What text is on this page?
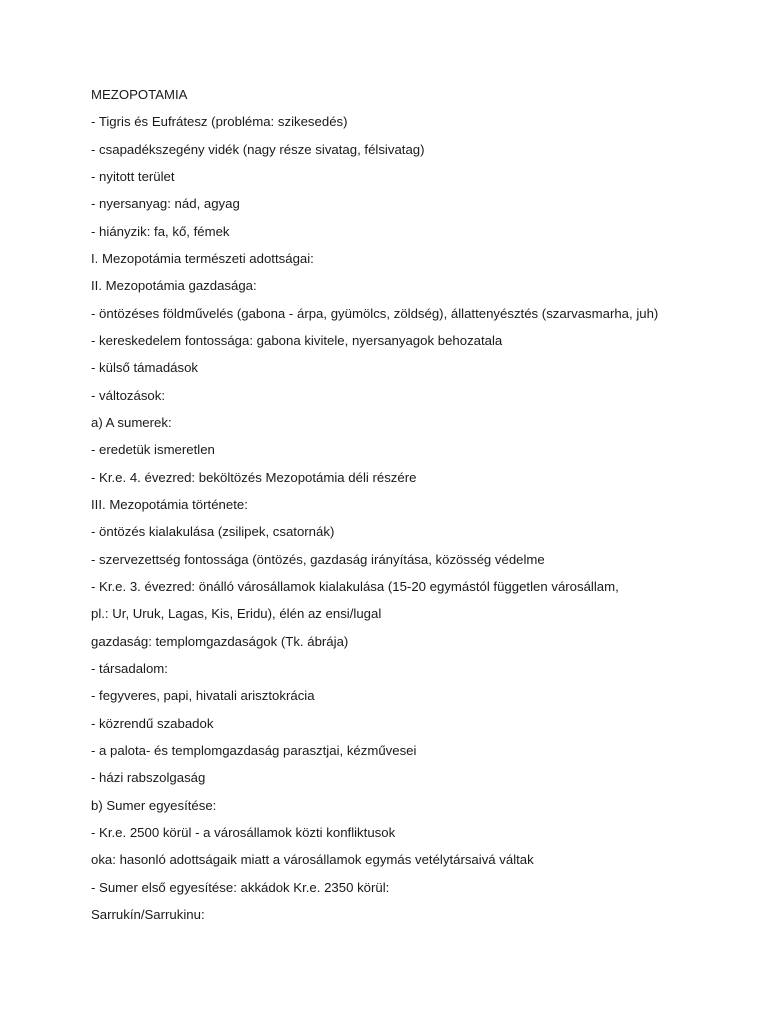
MEZOPOTAMIA

- Tigris és Eufrátesz (probléma: szikesedés)

- csapadékszegény vidék (nagy része sivatag, félsivatag)

- nyitott terület

- nyersanyag: nád, agyag

- hiányzik: fa, kő, fémek

I. Mezopotámia természeti adottságai:

II. Mezopotámia gazdasága:

- öntözéses földművelés (gabona - árpa, gyümölcs, zöldség), állattenyésztés (szarvasmarha, juh)

- kereskedelem fontossága: gabona kivitele, nyersanyagok behozatala

- külső támadások

- változások:

a) A sumerek:

- eredetük ismeretlen

- Kr.e. 4. évezred: beköltözés Mezopotámia déli részére

III. Mezopotámia története:

- öntözés kialakulása (zsilipek, csatornák)

- szervezettség fontossága (öntözés, gazdaság irányítása, közösség védelme

- Kr.e. 3. évezred: önálló városállamok kialakulása (15-20 egymástól független városállam,

pl.: Ur, Uruk, Lagas, Kis, Eridu), élén az ensi/lugal

gazdaság: templomgazdaságok (Tk. ábrája)

- társadalom:

- fegyveres, papi, hivatali arisztokrácia

- közrendű szabadok

- a palota- és templomgazdaság parasztjai, kézművesei

- házi rabszolgaság

b) Sumer egyesítése:

- Kr.e. 2500 körül - a városállamok közti konfliktusok

oka: hasonló adottságaik miatt a városállamok egymás vetélytársaivá váltak

- Sumer első egyesítése: akkádok Kr.e. 2350 körül:

Sarrukín/Sarrukinu:
